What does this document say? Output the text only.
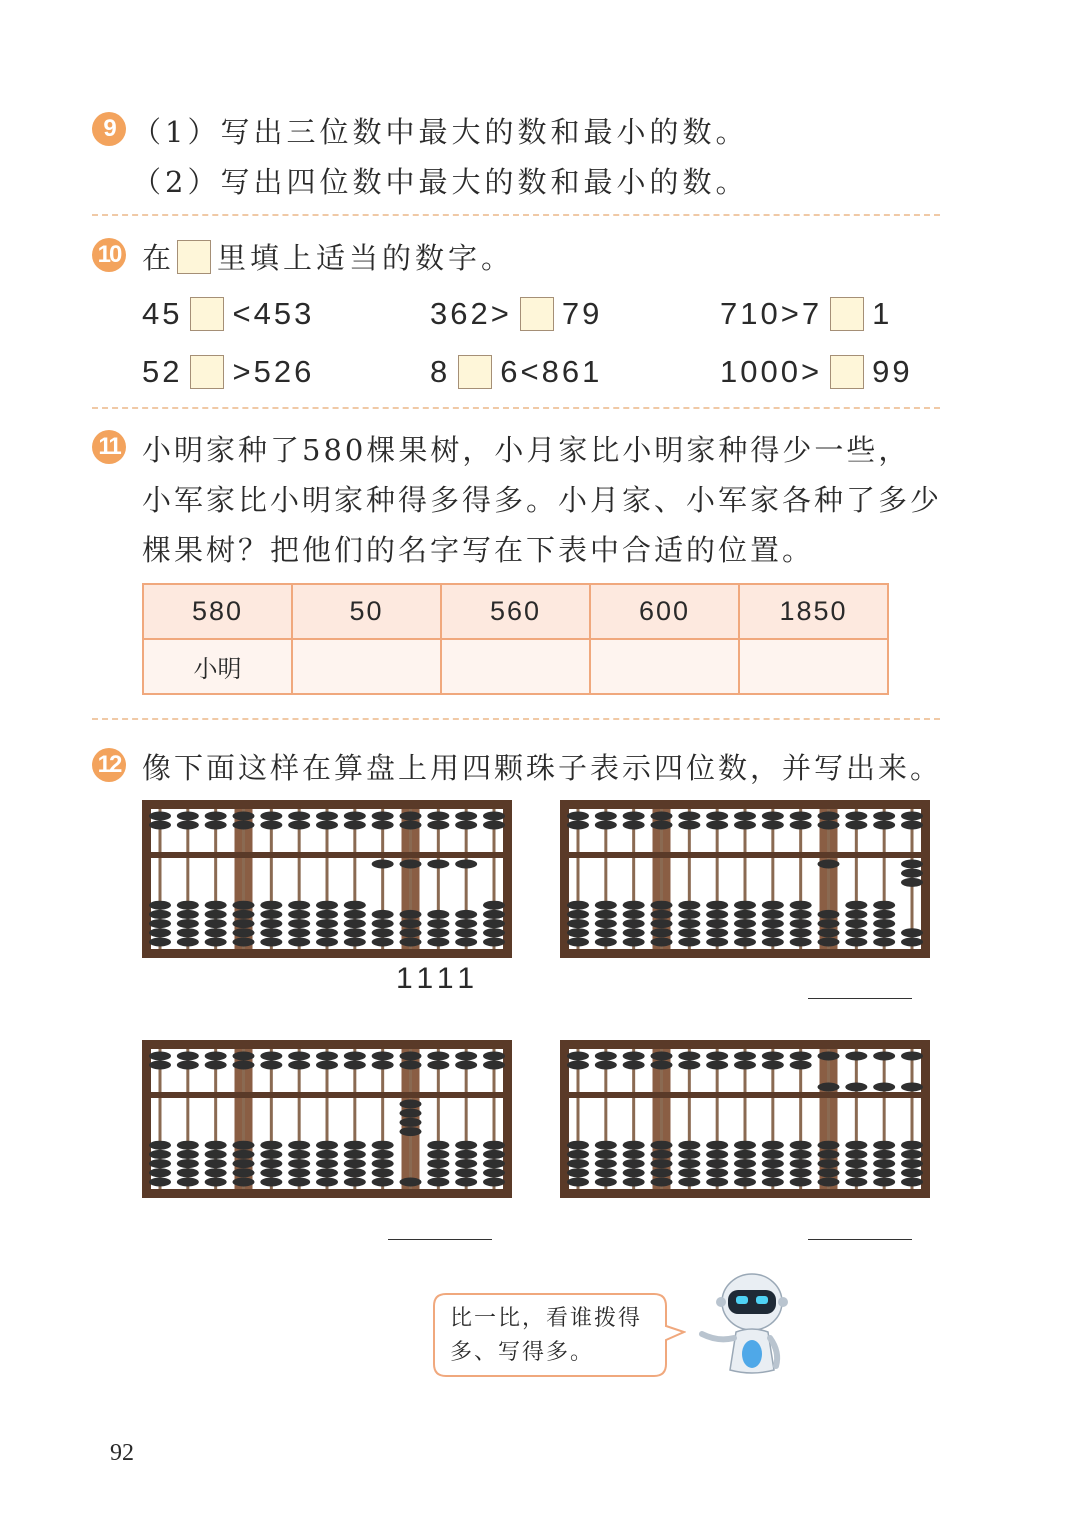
9 （1）写出三位数中最大的数和最小的数。
（2）写出四位数中最大的数和最小的数。
10 在 里填上适当的数字。
45 <453	362> 79	710>7 1
52 >526	8 6<861	1000> 99
11 小明家种了580棵果树，小月家比小明家种得少一些，
小军家比小明家种得多得多。小月家、小军家各种了多少
棵果树？把他们的名字写在下表中合适的位置。
580	50	560	600	1850
小明				
12 像下面这样在算盘上用四颗珠子表示四位数，并写出来。
1111
比一比，看谁拨得
多、写得多。
92
